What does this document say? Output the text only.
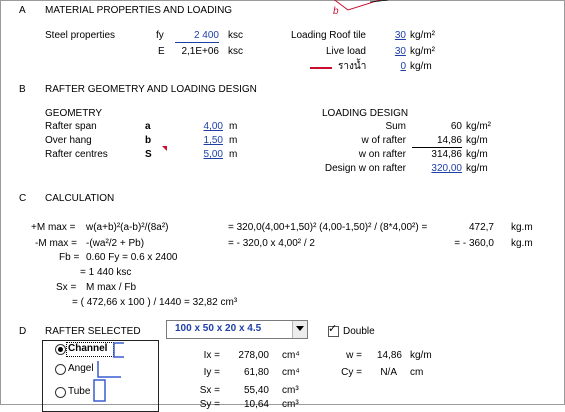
b
A MATERIAL PROPERTIES AND LOADING
Steel properties	fy	2 400 ksc
E	2,1E+06 ksc
Loading Roof tile	30 kg/m²
Live load	30 kg/m²
รางน้ำ	0 kg/m
B RAFTER GEOMETRY AND LOADING DESIGN
GEOMETRY
Rafter span	a	4,00 m
Over hang	b	1,50 m
Rafter centres	S	5,00 m
LOADING DESIGN
Sum	60 kg/m²
w of rafter	14,86 kg/m
w on rafter	314,86 kg/m
Design w on rafter	320,00 kg/m
C CALCULATION
+M max = w(a+b)²(a-b)²/(8a²)	= 320,0(4,00+1,50)² (4,00-1,50)² / (8*4,00²) =	472,7 kg.m
-M max = -(wa²/2 + Pb)	= - 320,0 x 4,00² / 2	= - 360,0 kg.m
Fb = 0.60 Fy = 0.6 x 2400
= 1 440 ksc
Sx = M max / Fb
= ( 472,66 x 100 ) / 1440 = 32,82 cm³
D RAFTER SELECTED	100 x 50 x 20 x 4.5	✓ Double
Channel
Angel
Tube
Ix =	278,00 cm⁴
Iy =	61,80 cm⁴
Sx =	55,40 cm³
Sy =	10,64 cm³
w =	14,86 kg/m
Cy =	N/A cm
